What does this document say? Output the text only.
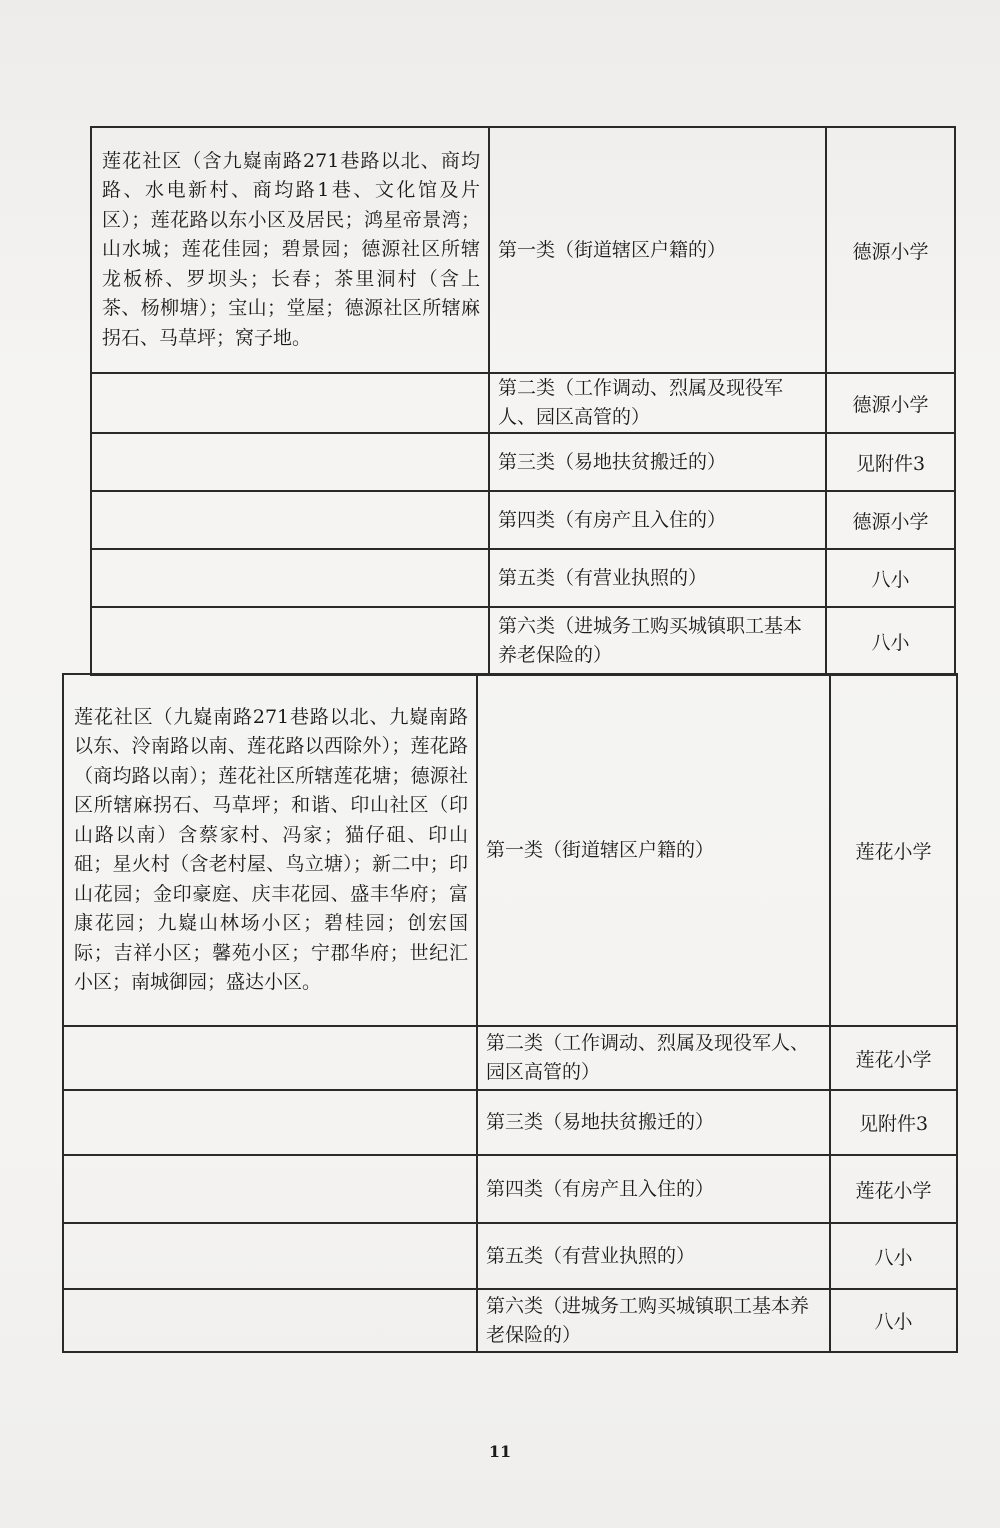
莲花社区（含九嶷南路271巷路以北、商均路、水电新村、商均路1巷、文化馆及片区）；莲花路以东小区及居民；鸿星帝景湾；山水城；莲花佳园；碧景园；德源社区所辖龙板桥、罗坝头；长春；茶里洞村（含上茶、杨柳塘）；宝山；堂屋；德源社区所辖麻拐石、马草坪；窝子地。	第一类（街道辖区户籍的）	德源小学
	第二类（工作调动、烈属及现役军人、园区高管的）	德源小学
	第三类（易地扶贫搬迁的）	见附件3
	第四类（有房产且入住的）	德源小学
	第五类（有营业执照的）	八小
	第六类（进城务工购买城镇职工基本养老保险的）	八小
莲花社区（九嶷南路271巷路以北、九嶷南路以东、泠南路以南、莲花路以西除外）；莲花路（商均路以南）；莲花社区所辖莲花塘；德源社区所辖麻拐石、马草坪；和谐、印山社区（印山路以南）含蔡家村、冯家；猫仔砠、印山砠；星火村（含老村屋、鸟立塘）；新二中；印山花园；金印豪庭、庆丰花园、盛丰华府；富康花园；九嶷山林场小区；碧桂园；创宏国际；吉祥小区；馨苑小区；宁郡华府；世纪汇小区；南城御园；盛达小区。	第一类（街道辖区户籍的）	莲花小学
	第二类（工作调动、烈属及现役军人、园区高管的）	莲花小学
	第三类（易地扶贫搬迁的）	见附件3
	第四类（有房产且入住的）	莲花小学
	第五类（有营业执照的）	八小
	第六类（进城务工购买城镇职工基本养老保险的）	八小
11
